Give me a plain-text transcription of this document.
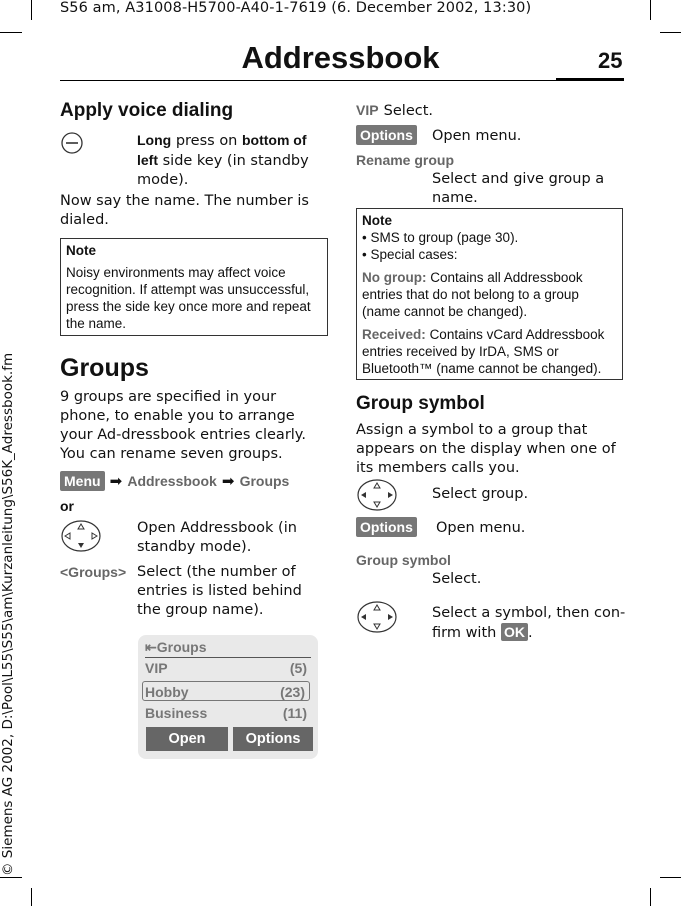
S56 am, A31008-H5700-A40-1-7619 (6. December 2002, 13:30)
Addressbook	25
© Siemens AG 2002, D:\Pool\L55\S55\am\Kurzanleitung\S56K_Adressbook.fm
Apply voice dialing
Long press on bottom of left side key (in standby mode).
Now say the name. The number is dialed.
Note

Noisy environments may affect voice recognition. If attempt was unsuccessful, press the side key once more and repeat the name.
Groups
9 groups are specified in your phone, to enable you to arrange your Ad-dressbook entries clearly. You can rename seven groups.
Menu ➡ Addressbook ➡ Groups
or
Open Addressbook (in standby mode).
<Groups> Select (the number of entries is listed behind the group name).
⇤Groups
VIP	(5)
Hobby	(23)
Business	(11)
Open	Options
VIP Select.
Options Open menu.
Rename group
Select and give group a name.
Note
• SMS to group (page 30).
• Special cases:
No group: Contains all Addressbook entries that do not belong to a group (name cannot be changed).
Received: Contains vCard Addressbook entries received by IrDA, SMS or Bluetooth™ (name cannot be changed).
Group symbol
Assign a symbol to a group that appears on the display when one of its members calls you.
Select group.
Options Open menu.
Group symbol
Select.
Select a symbol, then con-firm with OK .
